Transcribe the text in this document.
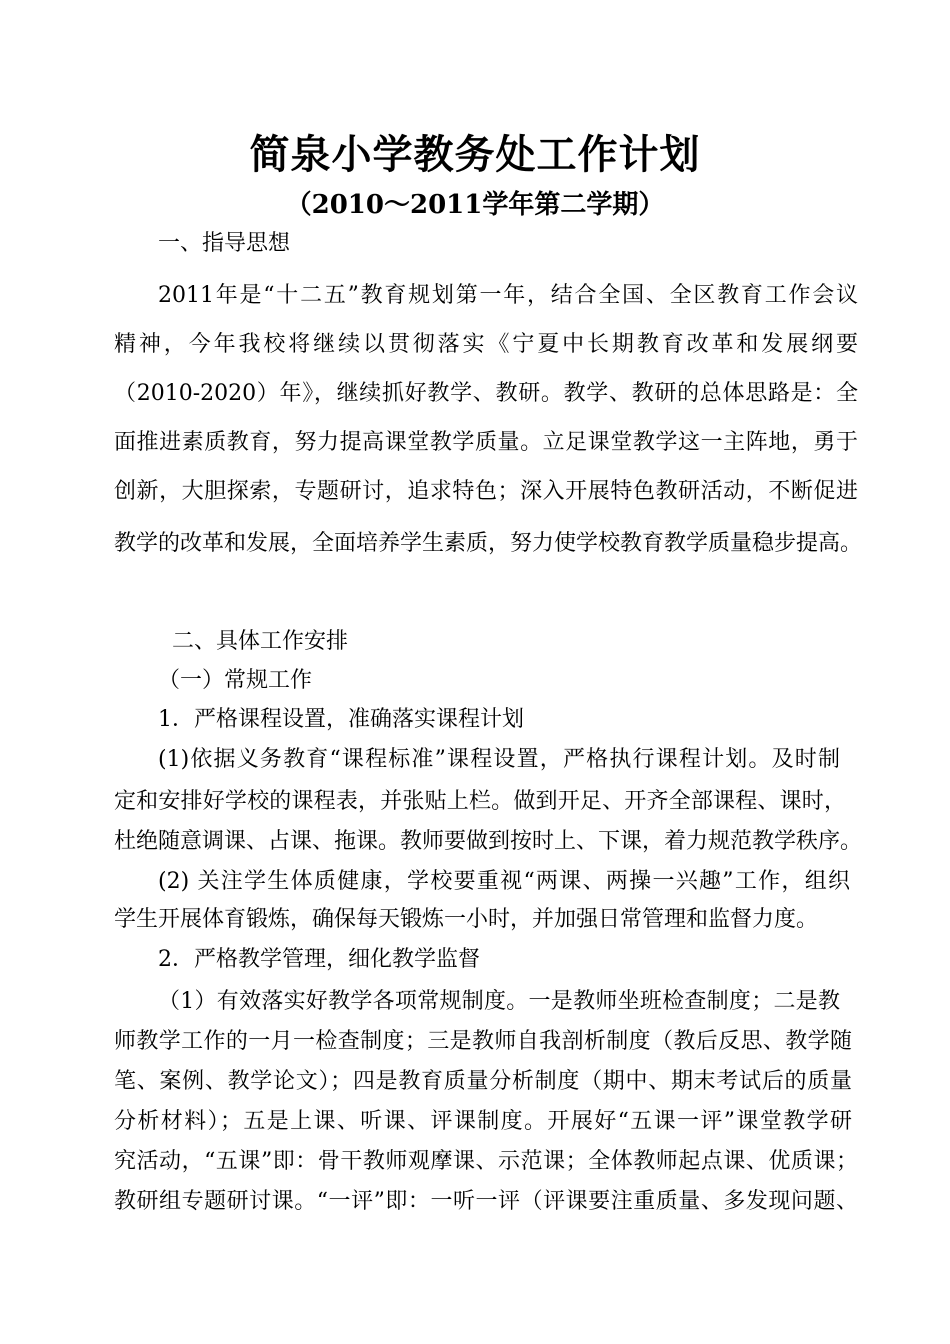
简泉小学教务处工作计划
（2010～2011学年第二学期）
一、指导思想
2011年是“十二五”教育规划第一年，结合全国、全区教育工作会议
精神，今年我校将继续以贯彻落实《宁夏中长期教育改革和发展纲要
（2010-2020）年》，继续抓好教学、教研。教学、教研的总体思路是：全
面推进素质教育，努力提高课堂教学质量。立足课堂教学这一主阵地，勇于
创新，大胆探索，专题研讨，追求特色；深入开展特色教研活动，不断促进
教学的改革和发展，全面培养学生素质，努力使学校教育教学质量稳步提高。
二、具体工作安排
（一）常规工作
1．严格课程设置，准确落实课程计划
(1)依据义务教育“课程标准”课程设置，严格执行课程计划。及时制
定和安排好学校的课程表，并张贴上栏。做到开足、开齐全部课程、课时，
杜绝随意调课、占课、拖课。教师要做到按时上、下课，着力规范教学秩序。
(2) 关注学生体质健康，学校要重视“两课、两操一兴趣”工作，组织
学生开展体育锻炼，确保每天锻炼一小时，并加强日常管理和监督力度。
2．严格教学管理，细化教学监督
（1）有效落实好教学各项常规制度。一是教师坐班检查制度；二是教
师教学工作的一月一检查制度；三是教师自我剖析制度（教后反思、教学随
笔、案例、教学论文）；四是教育质量分析制度（期中、期末考试后的质量
分析材料）；五是上课、听课、评课制度。开展好“五课一评”课堂教学研
究活动，“五课”即：骨干教师观摩课、示范课；全体教师起点课、优质课；
教研组专题研讨课。“一评”即：一听一评（评课要注重质量、多发现问题、
